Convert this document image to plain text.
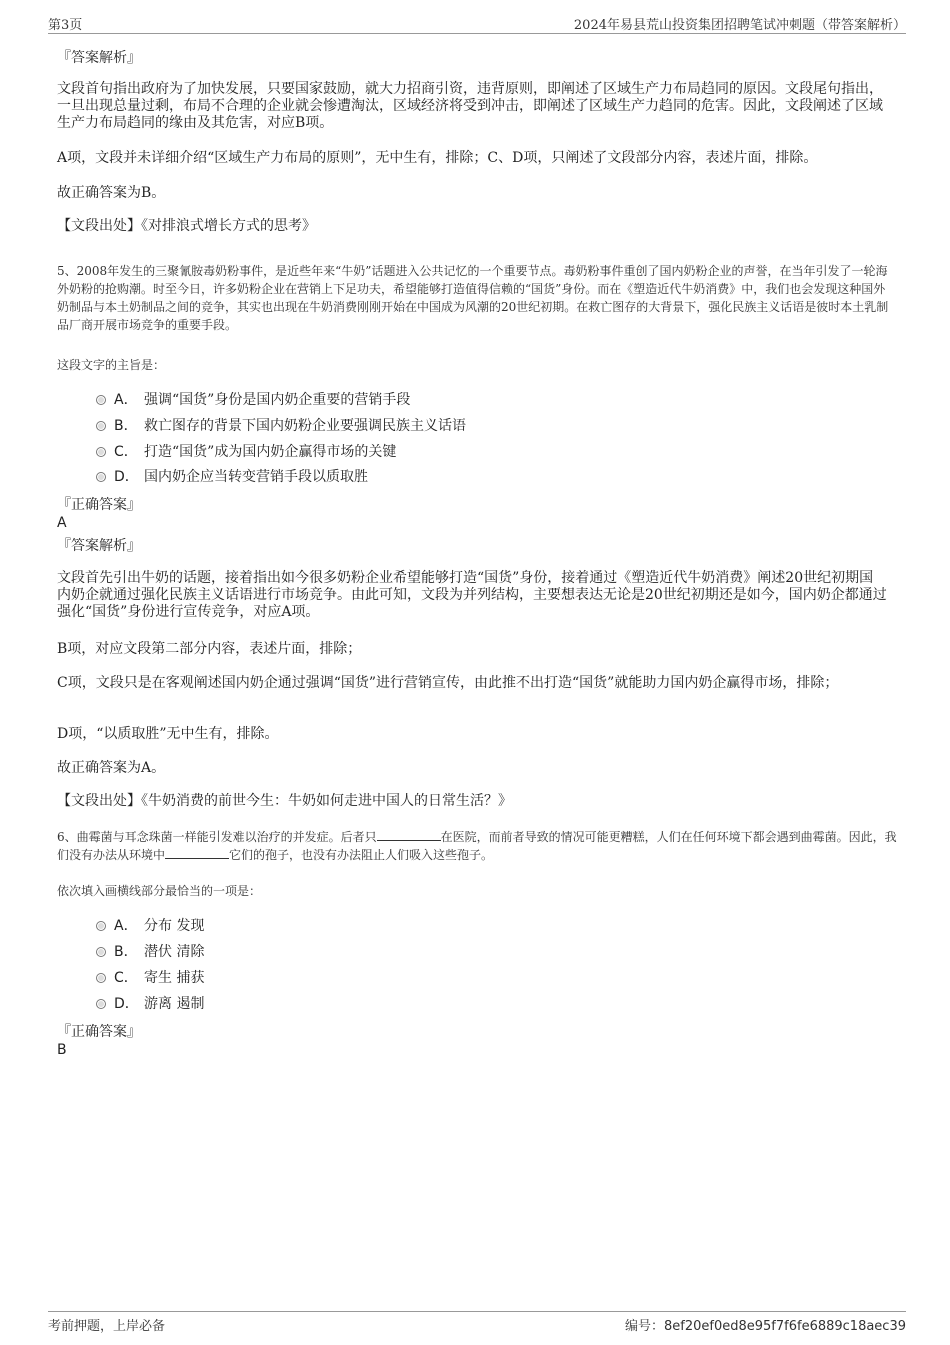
第3页	2024年易县荒山投资集团招聘笔试冲刺题（带答案解析）
『答案解析』
文段首句指出政府为了加快发展，只要国家鼓励，就大力招商引资，违背原则，即阐述了区域生产力布局趋同的原因。文段尾句指出，一旦出现总量过剩，布局不合理的企业就会惨遭淘汰，区域经济将受到冲击，即阐述了区域生产力趋同的危害。因此，文段阐述了区域生产力布局趋同的缘由及其危害，对应B项。
A项，文段并未详细介绍“区域生产力布局的原则”，无中生有，排除；C、D项，只阐述了文段部分内容，表述片面，排除。
故正确答案为B。
【文段出处】《对排浪式增长方式的思考》
5、2008年发生的三聚氰胺毒奶粉事件，是近些年来“牛奶”话题进入公共记忆的一个重要节点。毒奶粉事件重创了国内奶粉企业的声誉，在当年引发了一轮海外奶粉的抢购潮。时至今日，许多奶粉企业在营销上下足功夫，希望能够打造值得信赖的“国货”身份。而在《塑造近代牛奶消费》中，我们也会发现这种国外奶制品与本土奶制品之间的竞争，其实也出现在牛奶消费刚刚开始在中国成为风潮的20世纪初期。在救亡图存的大背景下，强化民族主义话语是彼时本土乳制品厂商开展市场竞争的重要手段。
这段文字的主旨是：
A． 强调“国货”身份是国内奶企重要的营销手段
B． 救亡图存的背景下国内奶粉企业要强调民族主义话语
C． 打造“国货”成为国内奶企赢得市场的关键
D． 国内奶企应当转变营销手段以质取胜
『正确答案』
A
『答案解析』
文段首先引出牛奶的话题，接着指出如今很多奶粉企业希望能够打造“国货”身份，接着通过《塑造近代牛奶消费》阐述20世纪初期国内奶企就通过强化民族主义话语进行市场竞争。由此可知，文段为并列结构，主要想表达无论是20世纪初期还是如今，国内奶企都通过强化“国货”身份进行宣传竞争，对应A项。
B项，对应文段第二部分内容，表述片面，排除；
C项，文段只是在客观阐述国内奶企通过强调“国货”进行营销宣传，由此推不出打造“国货”就能助力国内奶企赢得市场，排除；
D项，“以质取胜”无中生有，排除。
故正确答案为A。
【文段出处】《牛奶消费的前世今生：牛奶如何走进中国人的日常生活？》
6、曲霉菌与耳念珠菌一样能引发难以治疗的并发症。后者只	在医院，而前者导致的情况可能更糟糕，人们在任何环境下都会遇到曲霉菌。因此，我们没有办法从环境中	它们的孢子，也没有办法阻止人们吸入这些孢子。
依次填入画横线部分最恰当的一项是：
A． 分布 发现
B． 潜伏 清除
C． 寄生 捕获
D． 游离 遏制
『正确答案』
B
考前押题，上岸必备	编号：8ef20ef0ed8e95f7f6fe6889c18aec39
